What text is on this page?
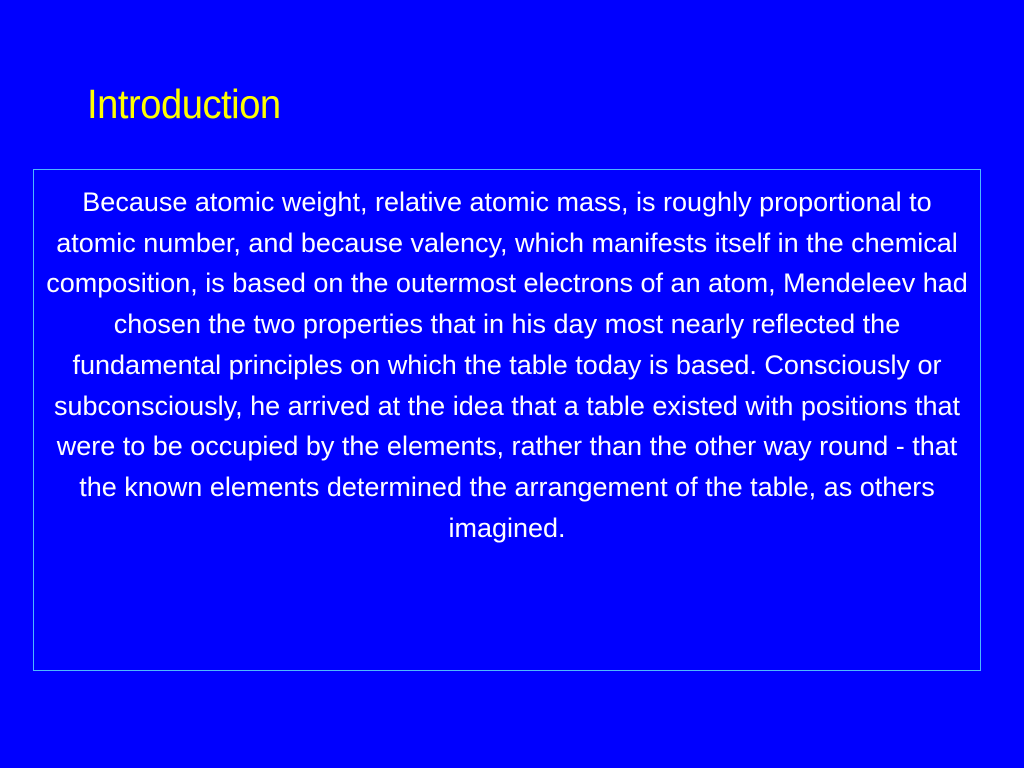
Introduction

Because atomic weight, relative atomic mass, is roughly proportional to atomic number, and because valency, which manifests itself in the chemical composition, is based on the outermost electrons of an atom, Mendeleev had chosen the two properties that in his day most nearly reflected the fundamental principles on which the table today is based. Consciously or subconsciously, he arrived at the idea that a table existed with positions that were to be occupied by the elements, rather than the other way round - that the known elements determined the arrangement of the table, as others imagined.
